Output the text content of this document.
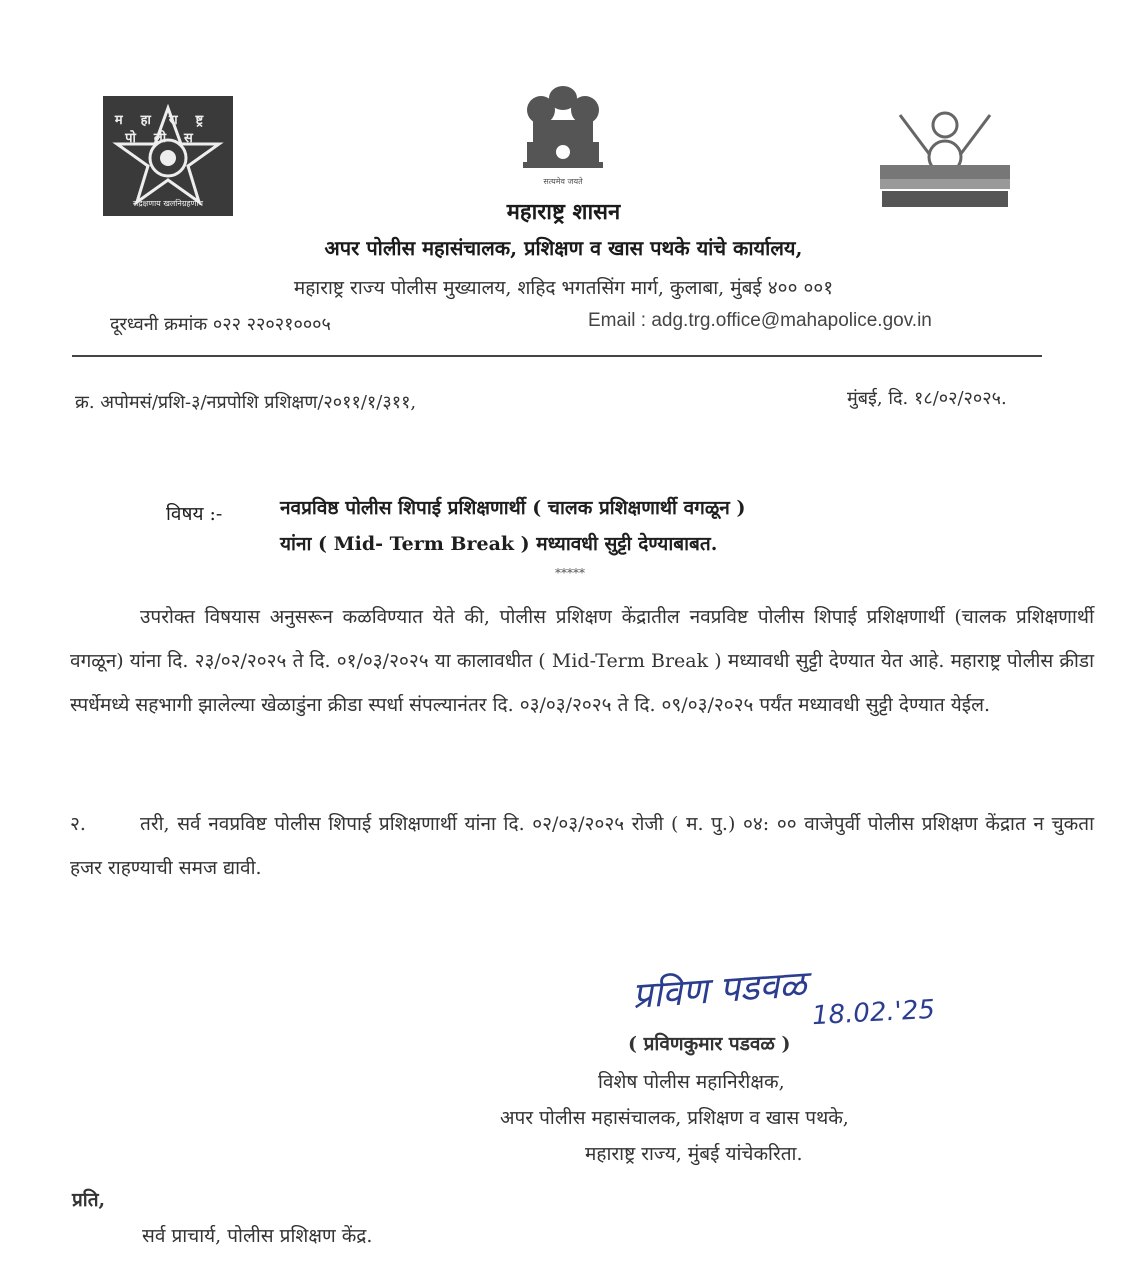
महाराष्ट्र पोलीस
सद्रक्षणाय खलनिग्रहणाय
सत्यमेव जयते
महाराष्ट्र शासन
अपर पोलीस महासंचालक, प्रशिक्षण व खास पथके यांचे कार्यालय,
महाराष्ट्र राज्य पोलीस मुख्यालय, शहिद भगतसिंग मार्ग, कुलाबा, मुंबई ४०० ००१
दूरध्वनी क्रमांक ०२२ २२०२१०००५	Email : adg.trg.office@mahapolice.gov.in
क्र. अपोमसं/प्रशि-३/नप्रपोशि प्रशिक्षण/२०११/१/३११,	मुंबई, दि. १८/०२/२०२५.
विषय :-	नवप्रविष्ठ पोलीस शिपाई प्रशिक्षणार्थी ( चालक प्रशिक्षणार्थी वगळून )
यांना ( Mid- Term Break ) मध्यावधी सुट्टी देण्याबाबत.
*****
उपरोक्त विषयास अनुसरून कळविण्यात येते की, पोलीस प्रशिक्षण केंद्रातील नवप्रविष्ट पोलीस शिपाई प्रशिक्षणार्थी (चालक प्रशिक्षणार्थी वगळून) यांना दि. २३/०२/२०२५ ते दि. ०१/०३/२०२५ या कालावधीत ( Mid-Term Break ) मध्यावधी सुट्टी देण्यात येत आहे. महाराष्ट्र पोलीस क्रीडा स्पर्धेमध्ये सहभागी झालेल्या खेळाडुंना क्रीडा स्पर्धा संपल्यानंतर दि. ०३/०३/२०२५ ते दि. ०९/०३/२०२५ पर्यंत मध्यावधी सुट्टी देण्यात येईल.
२.	तरी, सर्व नवप्रविष्ट पोलीस शिपाई प्रशिक्षणार्थी यांना दि. ०२/०३/२०२५ रोजी ( म. पु.) ०४: ०० वाजेपुर्वी पोलीस प्रशिक्षण केंद्रात न चुकता हजर राहण्याची समज द्यावी.
प्रविण पडवळ 18.02.'25
( प्रविणकुमार पडवळ )
विशेष पोलीस महानिरीक्षक,
अपर पोलीस महासंचालक, प्रशिक्षण व खास पथके,
महाराष्ट्र राज्य, मुंबई यांचेकरिता.
प्रति,
सर्व प्राचार्य, पोलीस प्रशिक्षण केंद्र.
